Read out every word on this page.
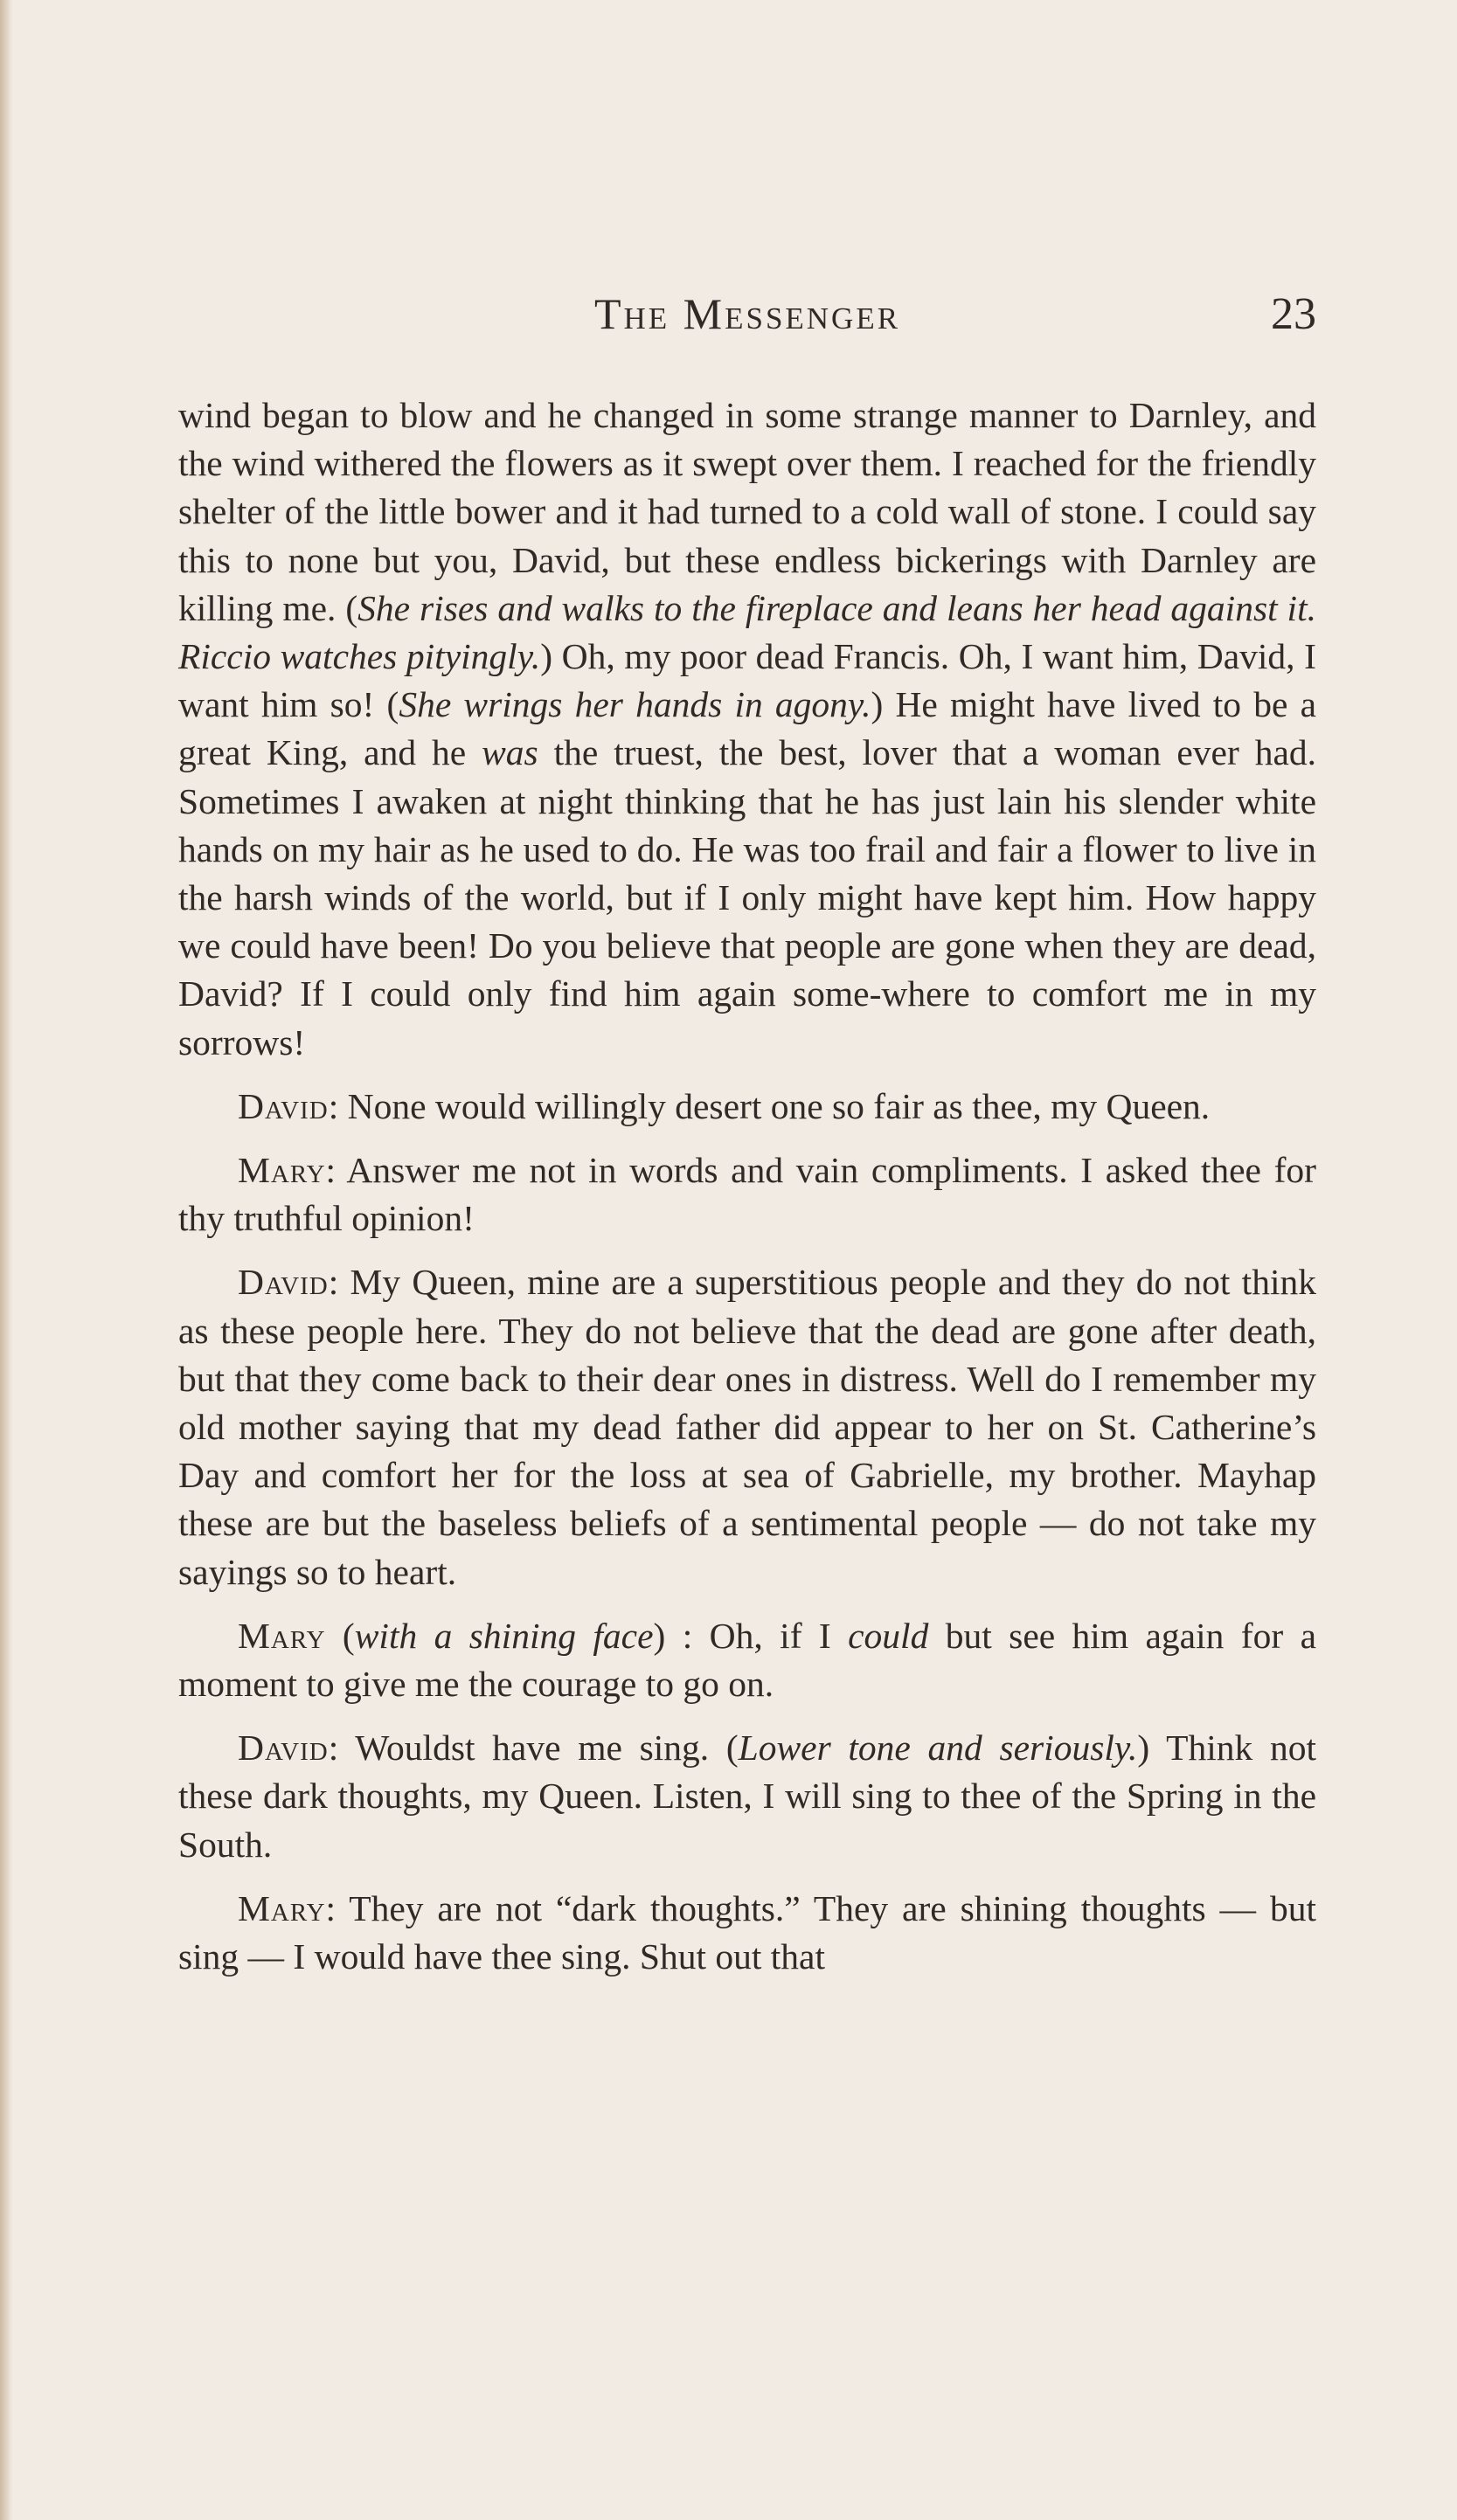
The Messenger	23

wind began to blow and he changed in some strange manner to Darnley, and the wind withered the flowers as it swept over them. I reached for the friendly shelter of the little bower and it had turned to a cold wall of stone. I could say this to none but you, David, but these endless bickerings with Darnley are killing me. (She rises and walks to the fireplace and leans her head against it. Riccio watches pityingly.) Oh, my poor dead Francis. Oh, I want him, David, I want him so! (She wrings her hands in agony.) He might have lived to be a great King, and he was the truest, the best, lover that a woman ever had. Sometimes I awaken at night thinking that he has just lain his slender white hands on my hair as he used to do. He was too frail and fair a flower to live in the harsh winds of the world, but if I only might have kept him. How happy we could have been! Do you believe that people are gone when they are dead, David? If I could only find him again some-where to comfort me in my sorrows!

David: None would willingly desert one so fair as thee, my Queen.

Mary: Answer me not in words and vain compliments. I asked thee for thy truthful opinion!

David: My Queen, mine are a superstitious people and they do not think as these people here. They do not believe that the dead are gone after death, but that they come back to their dear ones in distress. Well do I remember my old mother saying that my dead father did appear to her on St. Catherine’s Day and comfort her for the loss at sea of Gabrielle, my brother. Mayhap these are but the baseless beliefs of a sentimental people — do not take my sayings so to heart.

Mary (with a shining face) : Oh, if I could but see him again for a moment to give me the courage to go on.

David: Wouldst have me sing. (Lower tone and seriously.) Think not these dark thoughts, my Queen. Listen, I will sing to thee of the Spring in the South.

Mary: They are not “dark thoughts.” They are shining thoughts — but sing — I would have thee sing. Shut out that
